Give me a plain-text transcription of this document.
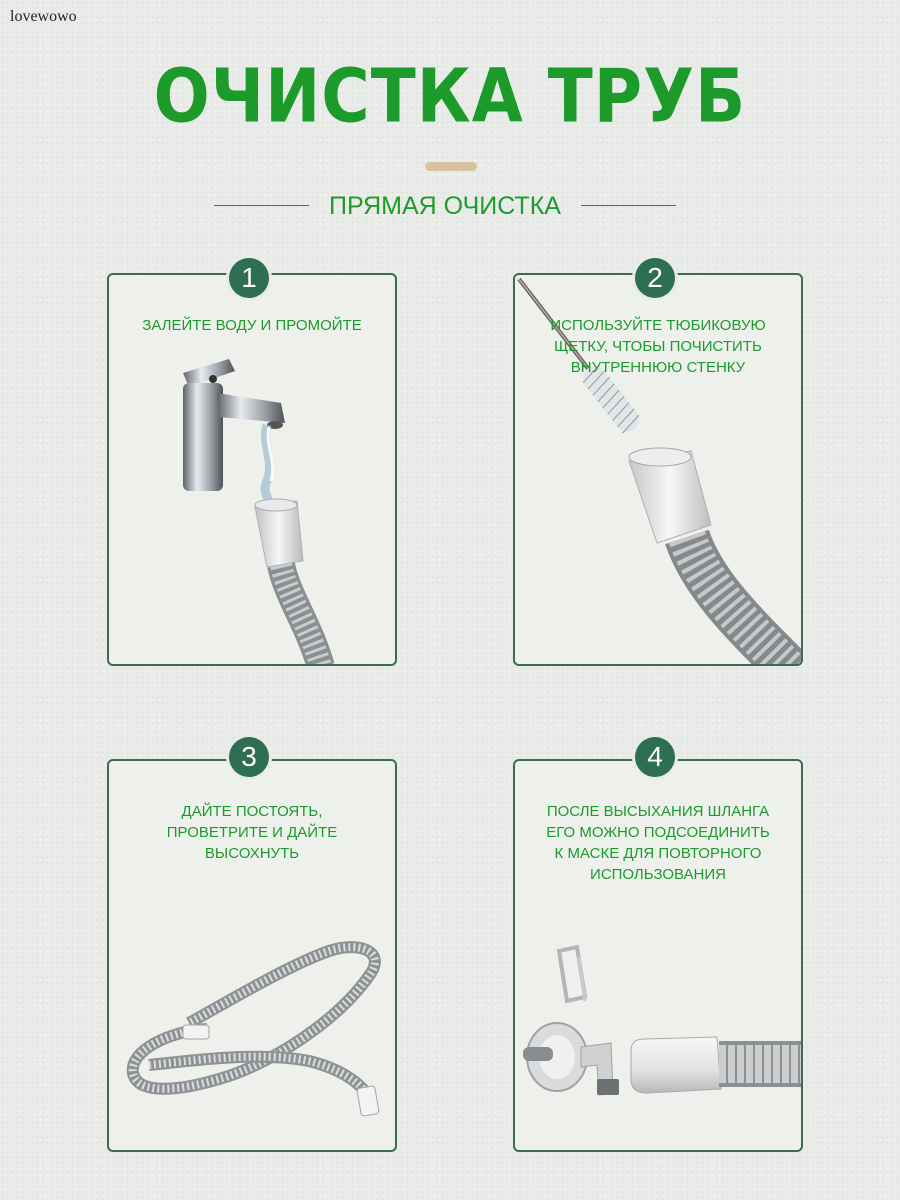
lovewowo
ОЧИСТКА ТРУБ
ПРЯМАЯ ОЧИСТКА
1
ЗАЛЕЙТЕ ВОДУ И ПРОМОЙТЕ
2
ИСПОЛЬЗУЙТЕ ТЮБИКОВУЮ
ЩЕТКУ, ЧТОБЫ ПОЧИСТИТЬ
ВНУТРЕННЮЮ СТЕНКУ
3
ДАЙТЕ ПОСТОЯТЬ,
ПРОВЕТРИТЕ И ДАЙТЕ
ВЫСОХНУТЬ
4
ПОСЛЕ ВЫСЫХАНИЯ ШЛАНГА
ЕГО МОЖНО ПОДСОЕДИНИТЬ
К МАСКЕ ДЛЯ ПОВТОРНОГО
ИСПОЛЬЗОВАНИЯ
